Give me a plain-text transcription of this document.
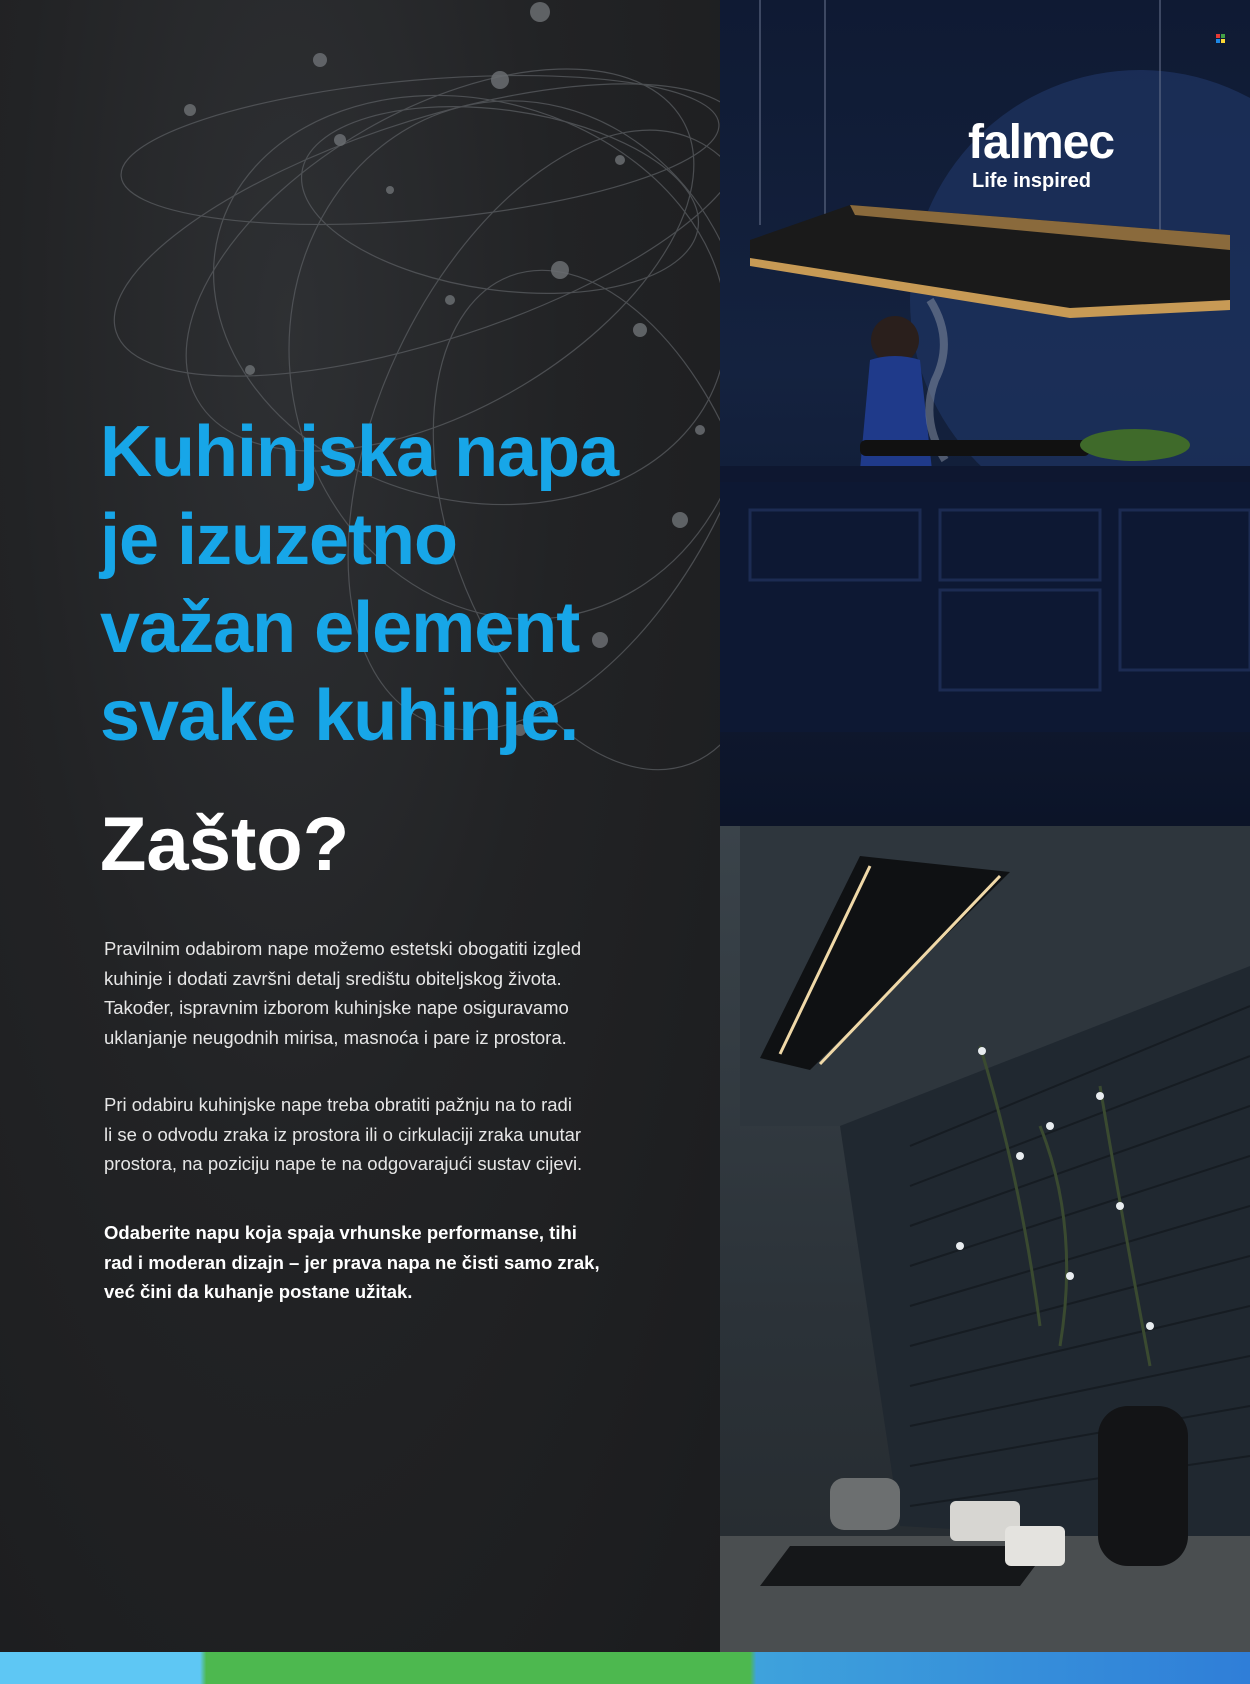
Kuhinjska napa
je izuzetno
važan element
svake kuhinje.
Zašto?

Pravilnim odabirom nape možemo estetski obogatiti izgled
kuhinje i dodati završni detalj središtu obiteljskog života.
Također, ispravnim izborom kuhinjske nape osiguravamo
uklanjanje neugodnih mirisa, masnoća i pare iz prostora.

Pri odabiru kuhinjske nape treba obratiti pažnju na to radi
li se o odvodu zraka iz prostora ili o cirkulaciji zraka unutar
prostora, na poziciju nape te na odgovarajući sustav cijevi.

Odaberite napu koja spaja vrhunske performanse, tihi
rad i moderan dizajn – jer prava napa ne čisti samo zrak,
već čini da kuhanje postane užitak.

falmec
Life inspired
